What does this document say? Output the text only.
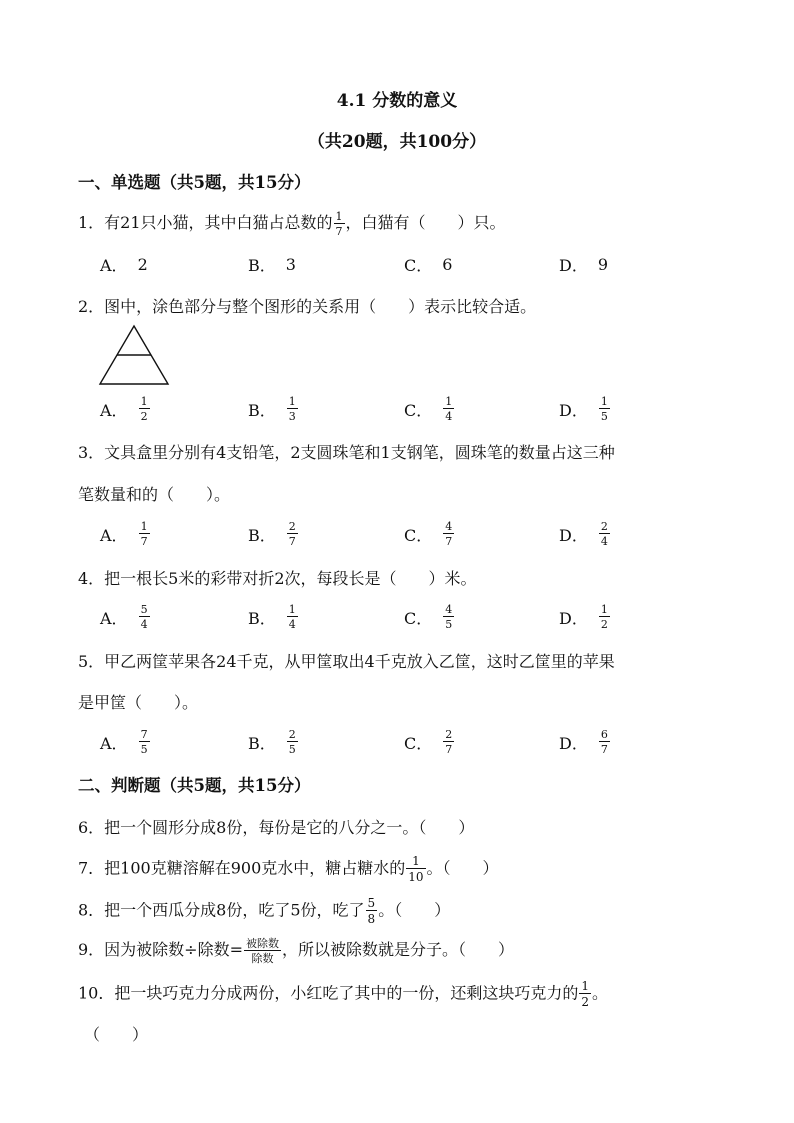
4.1 分数的意义
（共20题，共100分）
一、单选题（共5题，共15分）
1．有21只小猫，其中白猫占总数的 $\frac{1}{7}$ ，白猫有（　　）只。
A． 2	B． 3	C． 6	D． 9
2．图中，涂色部分与整个图形的关系用（　　）表示比较合适。
A． $\frac{1}{2}$	B． $\frac{1}{3}$	C． $\frac{1}{4}$	D． $\frac{1}{5}$
3．文具盒里分别有4支铅笔，2支圆珠笔和1支钢笔，圆珠笔的数量占这三种
笔数量和的（　　）。
A． $\frac{1}{7}$	B． $\frac{2}{7}$	C． $\frac{4}{7}$	D． $\frac{2}{4}$
4．把一根长5米的彩带对折2次，每段长是（　　）米。
A． $\frac{5}{4}$	B． $\frac{1}{4}$	C． $\frac{4}{5}$	D． $\frac{1}{2}$
5．甲乙两筐苹果各24千克，从甲筐取出4千克放入乙筐，这时乙筐里的苹果
是甲筐（　　）。
A． $\frac{7}{5}$	B． $\frac{2}{5}$	C． $\frac{2}{7}$	D． $\frac{6}{7}$
二、判断题（共5题，共15分）
6．把一个圆形分成8份，每份是它的八分之一。（　　）
7．把100克糖溶解在900克水中，糖占糖水的 $\frac{1}{10}$ 。（　　）
8．把一个西瓜分成8份，吃了5份，吃了 $\frac{5}{8}$ 。（　　）
9．因为被除数÷除数= $\frac{\text{被除数}}{\text{除数}}$ ，所以被除数就是分子。（　　）
10．把一块巧克力分成两份，小红吃了其中的一份，还剩这块巧克力的 $\frac{1}{2}$ 。
（　　）
